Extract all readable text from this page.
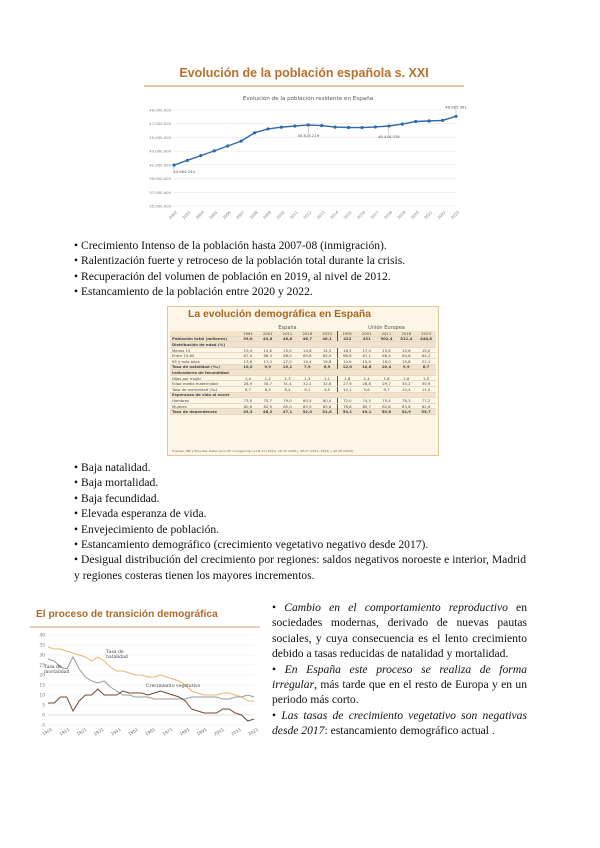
Evolución de la población española s. XXI
Evolución de la población residente en España
35.000.000
37.000.000
39.000.000
41.000.000
43.000.000
45.000.000
47.000.000
49.000.000
2002 2003 2004 2005 2006 2007 2008 2009 2010 2011 2012 2013 2014 2015 2016 2017 2018 2019 2020 2021 2022 2023
40.964.244
46.818.219	46.446.036
48.085.361
• Crecimiento Intenso de la población hasta 2007-08 (inmigración).
• Ralentización fuerte y retroceso de la población total durante la crisis.
• Recuperación del volumen de población en 2019, al nivel de 2012.
• Estancamiento de la población entre 2020 y 2022.
La evolución demográfica en España
España	Unión Europea
1991	2001	2011	2018	2023	1991	2001	2011	2018	2023
Población total (millones)	39,0	40,8	46,8	46,7	48,1	422	431	502,4	512,4	448,8
Distribución de edad (%)
Menos 15	19,4	14,6	15,0	14,8	14,3	18,5	17,0	15,6	15,6	15,0
Entre 15-65	67,0	68,4	68,0	65,8	65,9	66,6	67,1	66,4	64,6	64,2
65 y más años	13,6	17,0	17,0	19,4	19,8	14,9	15,9	18,0	19,8	21,1
Tasa de natalidad (‰)	10,2	9,9	10,1	7,9	6,9	12,0	10,6	10,4	9,9	8,7
Indicadores de fecundidad
Hijos por mujer	1,4	1,2	1,3	1,3	1,1	1,6	1,4	1,6	1,6	1,5
Edad media maternidad	28,9	30,7	31,4	32,2	32,6	27,9	28,8	29,7	30,2	30,9
Tasa de mortalidad (‰)	8,7	8,9	8,4	9,1	9,5	10,1	9,6	9,7	10,4	11,0
Esperanza de vida al nacer
Hombres	73,5	75,7	79,0	80,5	80,4	72,0	74,5	75,4	78,3	77,2
Mujeres	80,6	82,9	85,0	85,9	85,8	78,8	80,7	82,8	83,6	82,9
Tasa de dependencia	49,3	46,2	47,1	52,0	51,8	50,1	49,1	50,6	54,9	55,7
Fuentes: INE y Eurostat. Datos de la UE corresponden a UE-12 (1991), UE-15 (2001), UE-27 (2011, 2023) y UE-28 (2018).
• Baja natalidad.
• Baja mortalidad.
• Baja fecundidad.
• Elevada esperanza de vida.
• Envejecimiento de población.
• Estancamiento demográfico (crecimiento vegetativo negativo desde 2017).
• Desigual distribución del crecimiento por regiones: saldos negativos noroeste e interior, Madrid y regiones costeras tienen los mayores incrementos.
El proceso de transición demográfica
-5
0
5
10
15
20
25
30
35
40
1901 1911 1921 1931 1941 1951 1961 1971 1981 1991 2001 2011 2021
Tasa de natalidad
Tasa de mortalidad
Crecimiento vegetativo

• Cambio en el comportamiento reproductivo en sociedades modernas, derivado de nuevas pautas sociales, y cuya consecuencia es el lento crecimiento debido a tasas reducidas de natalidad y mortalidad.

• En España este proceso se realiza de forma irregular, más tarde que en el resto de Europa y en un periodo más corto.

• Las tasas de crecimiento vegetativo son negativas desde 2017: estancamiento demográfico actual .
